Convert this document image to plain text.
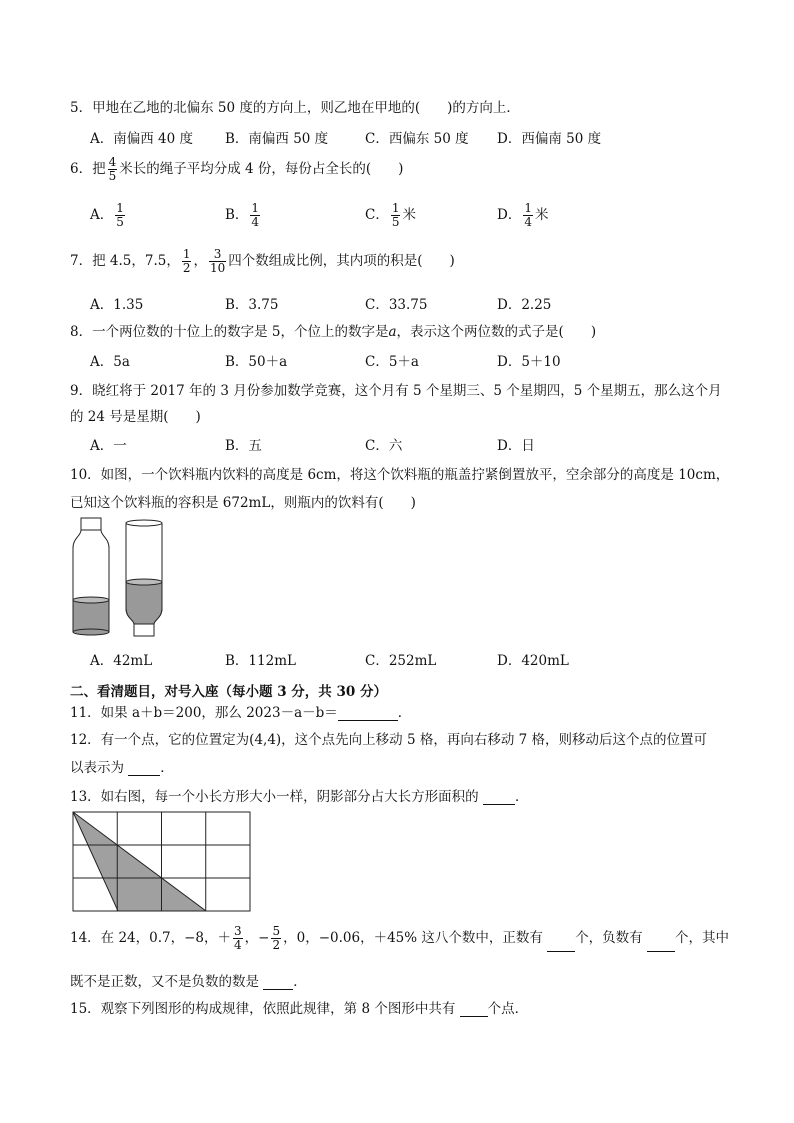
5．甲地在乙地的北偏东 50 度的方向上，则乙地在甲地的(　　)的方向上．
A．南偏西 40 度 B．南偏西 50 度	C．西偏东 50 度 D．西偏南 50 度
6．把 $\frac{4}{5}$ 米长的绳子平均分成 4 份，每份占全长的(　　)
A． $\frac{1}{5}$	B． $\frac{1}{4}$	C． $\frac{1}{5}$ 米	D． $\frac{1}{4}$ 米
7．把 4.5，7.5， $\frac{1}{2}$ ， $\frac{3}{10}$ 四个数组成比例，其内项的积是(　　)
A．1.35	B．3.75	C．33.75	D．2.25
8．一个两位数的十位上的数字是 5，个位上的数字是a，表示这个两位数的式子是(　　)
A．5a	B．50＋a	C．5＋a	D．5＋10
9．晓红将于 2017 年的 3 月份参加数学竞赛，这个月有 5 个星期三、5 个星期四，5 个星期五，那么这个月
的 24 号是星期(　　)
A．一	B．五	C．六	D．日
10．如图，一个饮料瓶内饮料的高度是 6cm，将这个饮料瓶的瓶盖拧紧倒置放平，空余部分的高度是 10cm，
已知这个饮料瓶的容积是 672mL，则瓶内的饮料有(　　)
A．42mL	B．112mL	C．252mL	D．420mL
二、看清题目，对号入座（每小题 3 分，共 30 分）
11．如果 a＋b＝200，那么 2023－a－b＝	．
12．有一个点，它的位置定为(4,4)，这个点先向上移动 5 格，再向右移动 7 格，则移动后这个点的位置可
以表示为	．
13．如右图，每一个小长方形大小一样，阴影部分占大长方形面积的	．
14．在 24，0.7，−8，＋ $\frac{3}{4}$ ，− $\frac{5}{2}$ ，0，−0.06，＋45% 这八个数中，正数有 个，负数有 个，其中
既不是正数，又不是负数的数是	．
15．观察下列图形的构成规律，依照此规律，第 8 个图形中共有 个点．
